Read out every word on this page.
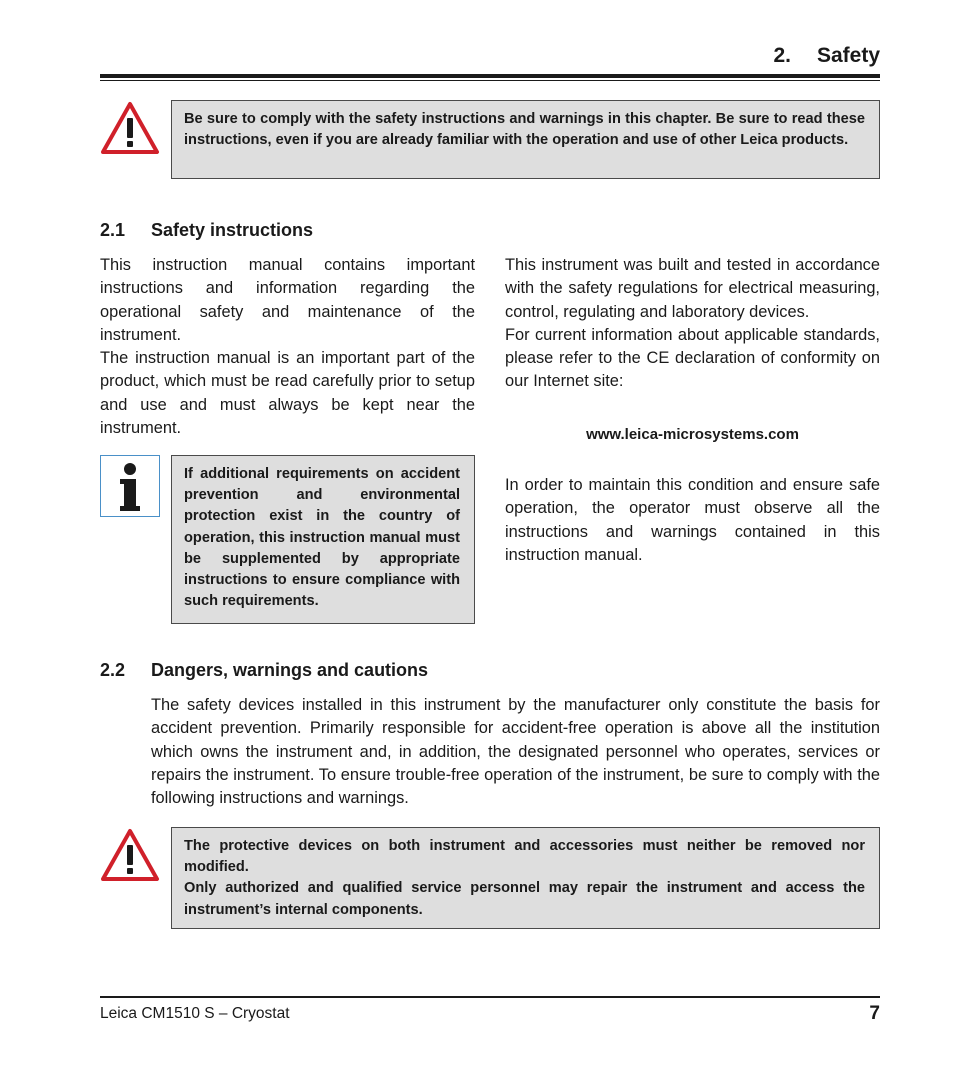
2. Safety

Be sure to comply with the safety instructions and warnings in this chapter. Be sure to read these instructions, even if you are already familiar with the operation and use of other Leica products.

2.1 Safety instructions

This instruction manual contains important instructions and information regarding the operational safety and maintenance of the instrument.

The instruction manual is an important part of the product, which must be read carefully prior to setup and use and must always be kept near the instrument.

If additional requirements on accident prevention and environmental protection exist in the country of operation, this instruction manual must be supplemented by appropriate instructions to ensure compliance with such requirements.

This instrument was built and tested in accordance with the safety regulations for electrical measuring, control, regulating and laboratory devices.

For current information about applicable standards, please refer to the CE declaration of conformity on our Internet site:

www.leica-microsystems.com

In order to maintain this condition and ensure safe operation, the operator must observe all the instructions and warnings contained in this instruction manual.

2.2 Dangers, warnings and cautions

The safety devices installed in this instrument by the manufacturer only constitute the basis for accident prevention. Primarily responsible for accident-free operation is above all the institution which owns the instrument and, in addition, the designated personnel who operates, services or repairs the instrument. To ensure trouble-free operation of the instrument, be sure to comply with the following instructions and warnings.

The protective devices on both instrument and accessories must neither be removed nor modified.

Only authorized and qualified service personnel may repair the instrument and access the instrument’s internal components.

Leica CM1510 S – Cryostat	7
